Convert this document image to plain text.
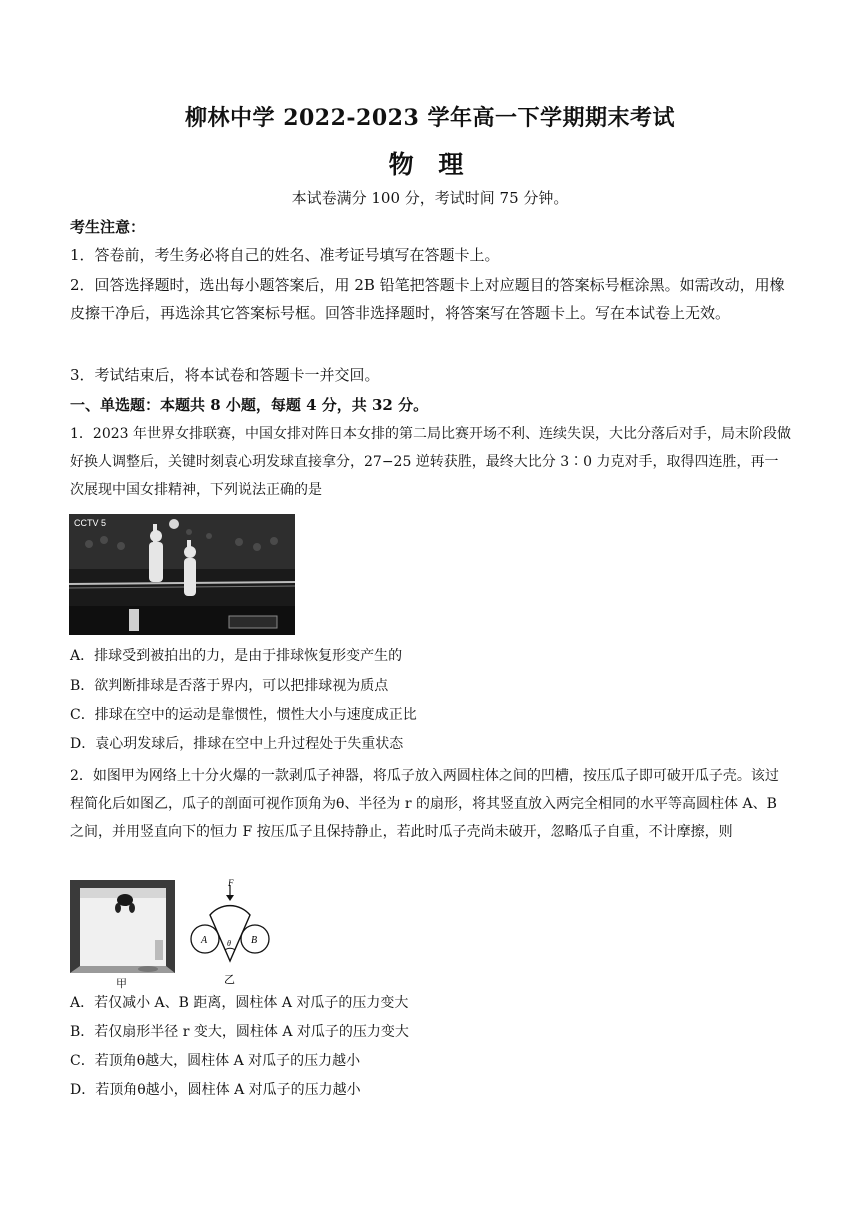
柳林中学 2022-2023 学年高一下学期期末考试
物 理
本试卷满分 100 分，考试时间 75 分钟。
考生注意：
1．答卷前，考生务必将自己的姓名、准考证号填写在答题卡上。
2．回答选择题时，选出每小题答案后，用 2B 铅笔把答题卡上对应题目的答案标号框涂黑。如需改动，用橡皮擦干净后，再选涂其它答案标号框。回答非选择题时，将答案写在答题卡上。写在本试卷上无效。
3．考试结束后，将本试卷和答题卡一并交回。
一、单选题：本题共 8 小题，每题 4 分，共 32 分。
1．2023 年世界女排联赛，中国女排对阵日本女排的第二局比赛开场不利、连续失误，大比分落后对手，局末阶段做好换人调整后，关键时刻袁心玥发球直接拿分，27−25 逆转获胜，最终大比分 3∶0 力克对手，取得四连胜，再一次展现中国女排精神，下列说法正确的是
CCTV 5
A．排球受到被拍出的力，是由于排球恢复形变产生的
B．欲判断排球是否落于界内，可以把排球视为质点
C．排球在空中的运动是靠惯性，惯性大小与速度成正比
D．袁心玥发球后，排球在空中上升过程处于失重状态
2．如图甲为网络上十分火爆的一款剥瓜子神器，将瓜子放入两圆柱体之间的凹槽，按压瓜子即可破开瓜子壳。该过程简化后如图乙，瓜子的剖面可视作顶角为θ、半径为 r 的扇形，将其竖直放入两完全相同的水平等高圆柱体 A、B 之间，并用竖直向下的恒力 F 按压瓜子且保持静止，若此时瓜子壳尚未破开，忽略瓜子自重，不计摩擦，则
甲
F
A	B
θ
乙
A．若仅减小 A、B 距离，圆柱体 A 对瓜子的压力变大
B．若仅扇形半径 r 变大，圆柱体 A 对瓜子的压力变大
C．若顶角θ越大，圆柱体 A 对瓜子的压力越小
D．若顶角θ越小，圆柱体 A 对瓜子的压力越小
